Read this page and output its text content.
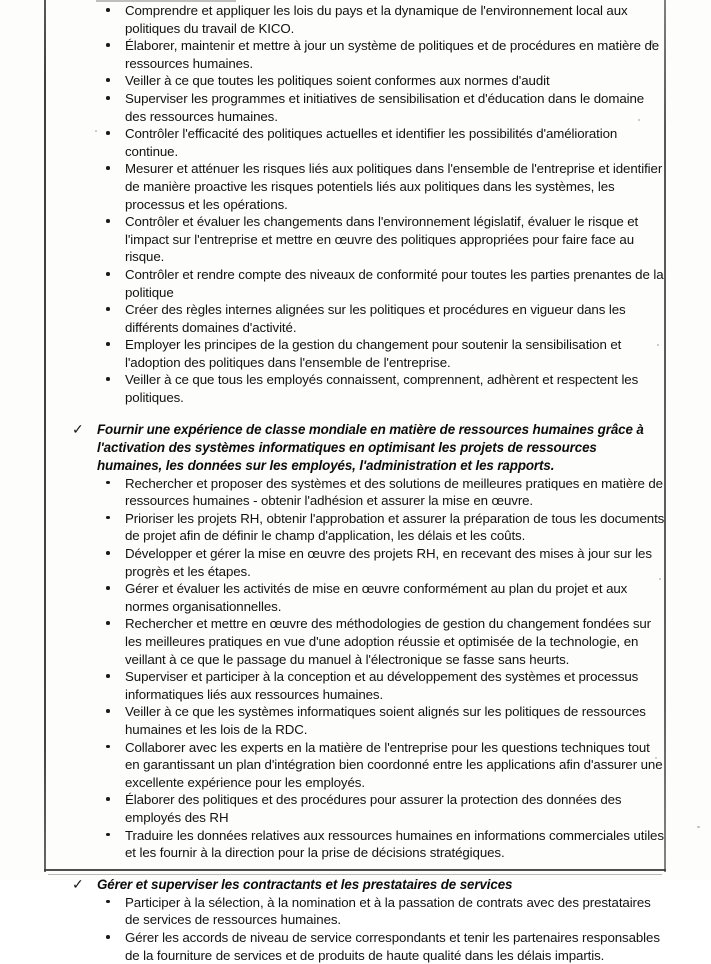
Comprendre et appliquer les lois du pays et la dynamique de l'environnement local aux politiques du travail de KICO.
Élaborer, maintenir et mettre à jour un système de politiques et de procédures en matière de ressources humaines.
Veiller à ce que toutes les politiques soient conformes aux normes d'audit
Superviser les programmes et initiatives de sensibilisation et d'éducation dans le domaine des ressources humaines.
Contrôler l'efficacité des politiques actuelles et identifier les possibilités d'amélioration continue.
Mesurer et atténuer les risques liés aux politiques dans l'ensemble de l'entreprise et identifier de manière proactive les risques potentiels liés aux politiques dans les systèmes, les processus et les opérations.
Contrôler et évaluer les changements dans l'environnement législatif, évaluer le risque et l'impact sur l'entreprise et mettre en œuvre des politiques appropriées pour faire face au risque.
Contrôler et rendre compte des niveaux de conformité pour toutes les parties prenantes de la politique
Créer des règles internes alignées sur les politiques et procédures en vigueur dans les différents domaines d'activité.
Employer les principes de la gestion du changement pour soutenir la sensibilisation et l'adoption des politiques dans l'ensemble de l'entreprise.
Veiller à ce que tous les employés connaissent, comprennent, adhèrent et respectent les politiques.
✓ Fournir une expérience de classe mondiale en matière de ressources humaines grâce à l'activation des systèmes informatiques en optimisant les projets de ressources humaines, les données sur les employés, l'administration et les rapports.
Rechercher et proposer des systèmes et des solutions de meilleures pratiques en matière de ressources humaines - obtenir l'adhésion et assurer la mise en œuvre.
Prioriser les projets RH, obtenir l'approbation et assurer la préparation de tous les documents de projet afin de définir le champ d'application, les délais et les coûts.
Développer et gérer la mise en œuvre des projets RH, en recevant des mises à jour sur les progrès et les étapes.
Gérer et évaluer les activités de mise en œuvre conformément au plan du projet et aux normes organisationnelles.
Rechercher et mettre en œuvre des méthodologies de gestion du changement fondées sur les meilleures pratiques en vue d'une adoption réussie et optimisée de la technologie, en veillant à ce que le passage du manuel à l'électronique se fasse sans heurts.
Superviser et participer à la conception et au développement des systèmes et processus informatiques liés aux ressources humaines.
Veiller à ce que les systèmes informatiques soient alignés sur les politiques de ressources humaines et les lois de la RDC.
Collaborer avec les experts en la matière de l'entreprise pour les questions techniques tout en garantissant un plan d'intégration bien coordonné entre les applications afin d'assurer une excellente expérience pour les employés.
Élaborer des politiques et des procédures pour assurer la protection des données des employés des RH
Traduire les données relatives aux ressources humaines en informations commerciales utiles et les fournir à la direction pour la prise de décisions stratégiques.
✓ Gérer et superviser les contractants et les prestataires de services
Participer à la sélection, à la nomination et à la passation de contrats avec des prestataires de services de ressources humaines.
Gérer les accords de niveau de service correspondants et tenir les partenaires responsables de la fourniture de services et de produits de haute qualité dans les délais impartis.
